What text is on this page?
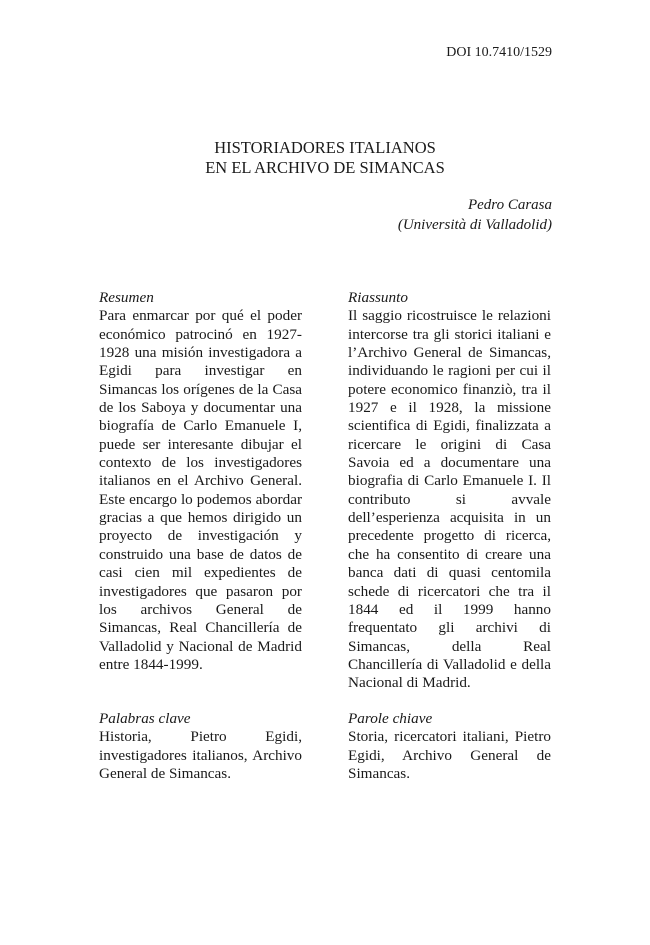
DOI 10.7410/1529
HISTORIADORES ITALIANOS
EN EL ARCHIVO DE SIMANCAS
Pedro Carasa
(Università di Valladolid)
Resumen
Para enmarcar por qué el poder económico patrocinó en 1927-1928 una misión investigadora a Egidi para investigar en Simancas los orígenes de la Casa de los Saboya y documentar una biografía de Carlo Emanuele I, puede ser interesante dibujar el contexto de los investigadores italianos en el Archivo General. Este encargo lo podemos abordar gracias a que hemos dirigido un proyecto de investigación y construido una base de datos de casi cien mil expedientes de investigadores que pasaron por los archivos General de Simancas, Real Chancillería de Valladolid y Nacional de Madrid entre 1844-1999.
Riassunto
Il saggio ricostruisce le relazioni intercorse tra gli storici italiani e l’Archivo General de Simancas, individuando le ragioni per cui il potere economico finanziò, tra il 1927 e il 1928, la missione scientifica di Egidi, finalizzata a ricercare le origini di Casa Savoia ed a documentare una biografia di Carlo Emanuele I. Il contributo si avvale dell’esperienza acquisita in un precedente progetto di ricerca, che ha consentito di creare una banca dati di quasi centomila schede di ricercatori che tra il 1844 ed il 1999 hanno frequentato gli archivi di Simancas, della Real Chancillería di Valladolid e della Nacional di Madrid.
Palabras clave
Historia, Pietro Egidi, investigadores italianos, Archivo General de Simancas.
Parole chiave
Storia, ricercatori italiani, Pietro Egidi, Archivo General de Simancas.
